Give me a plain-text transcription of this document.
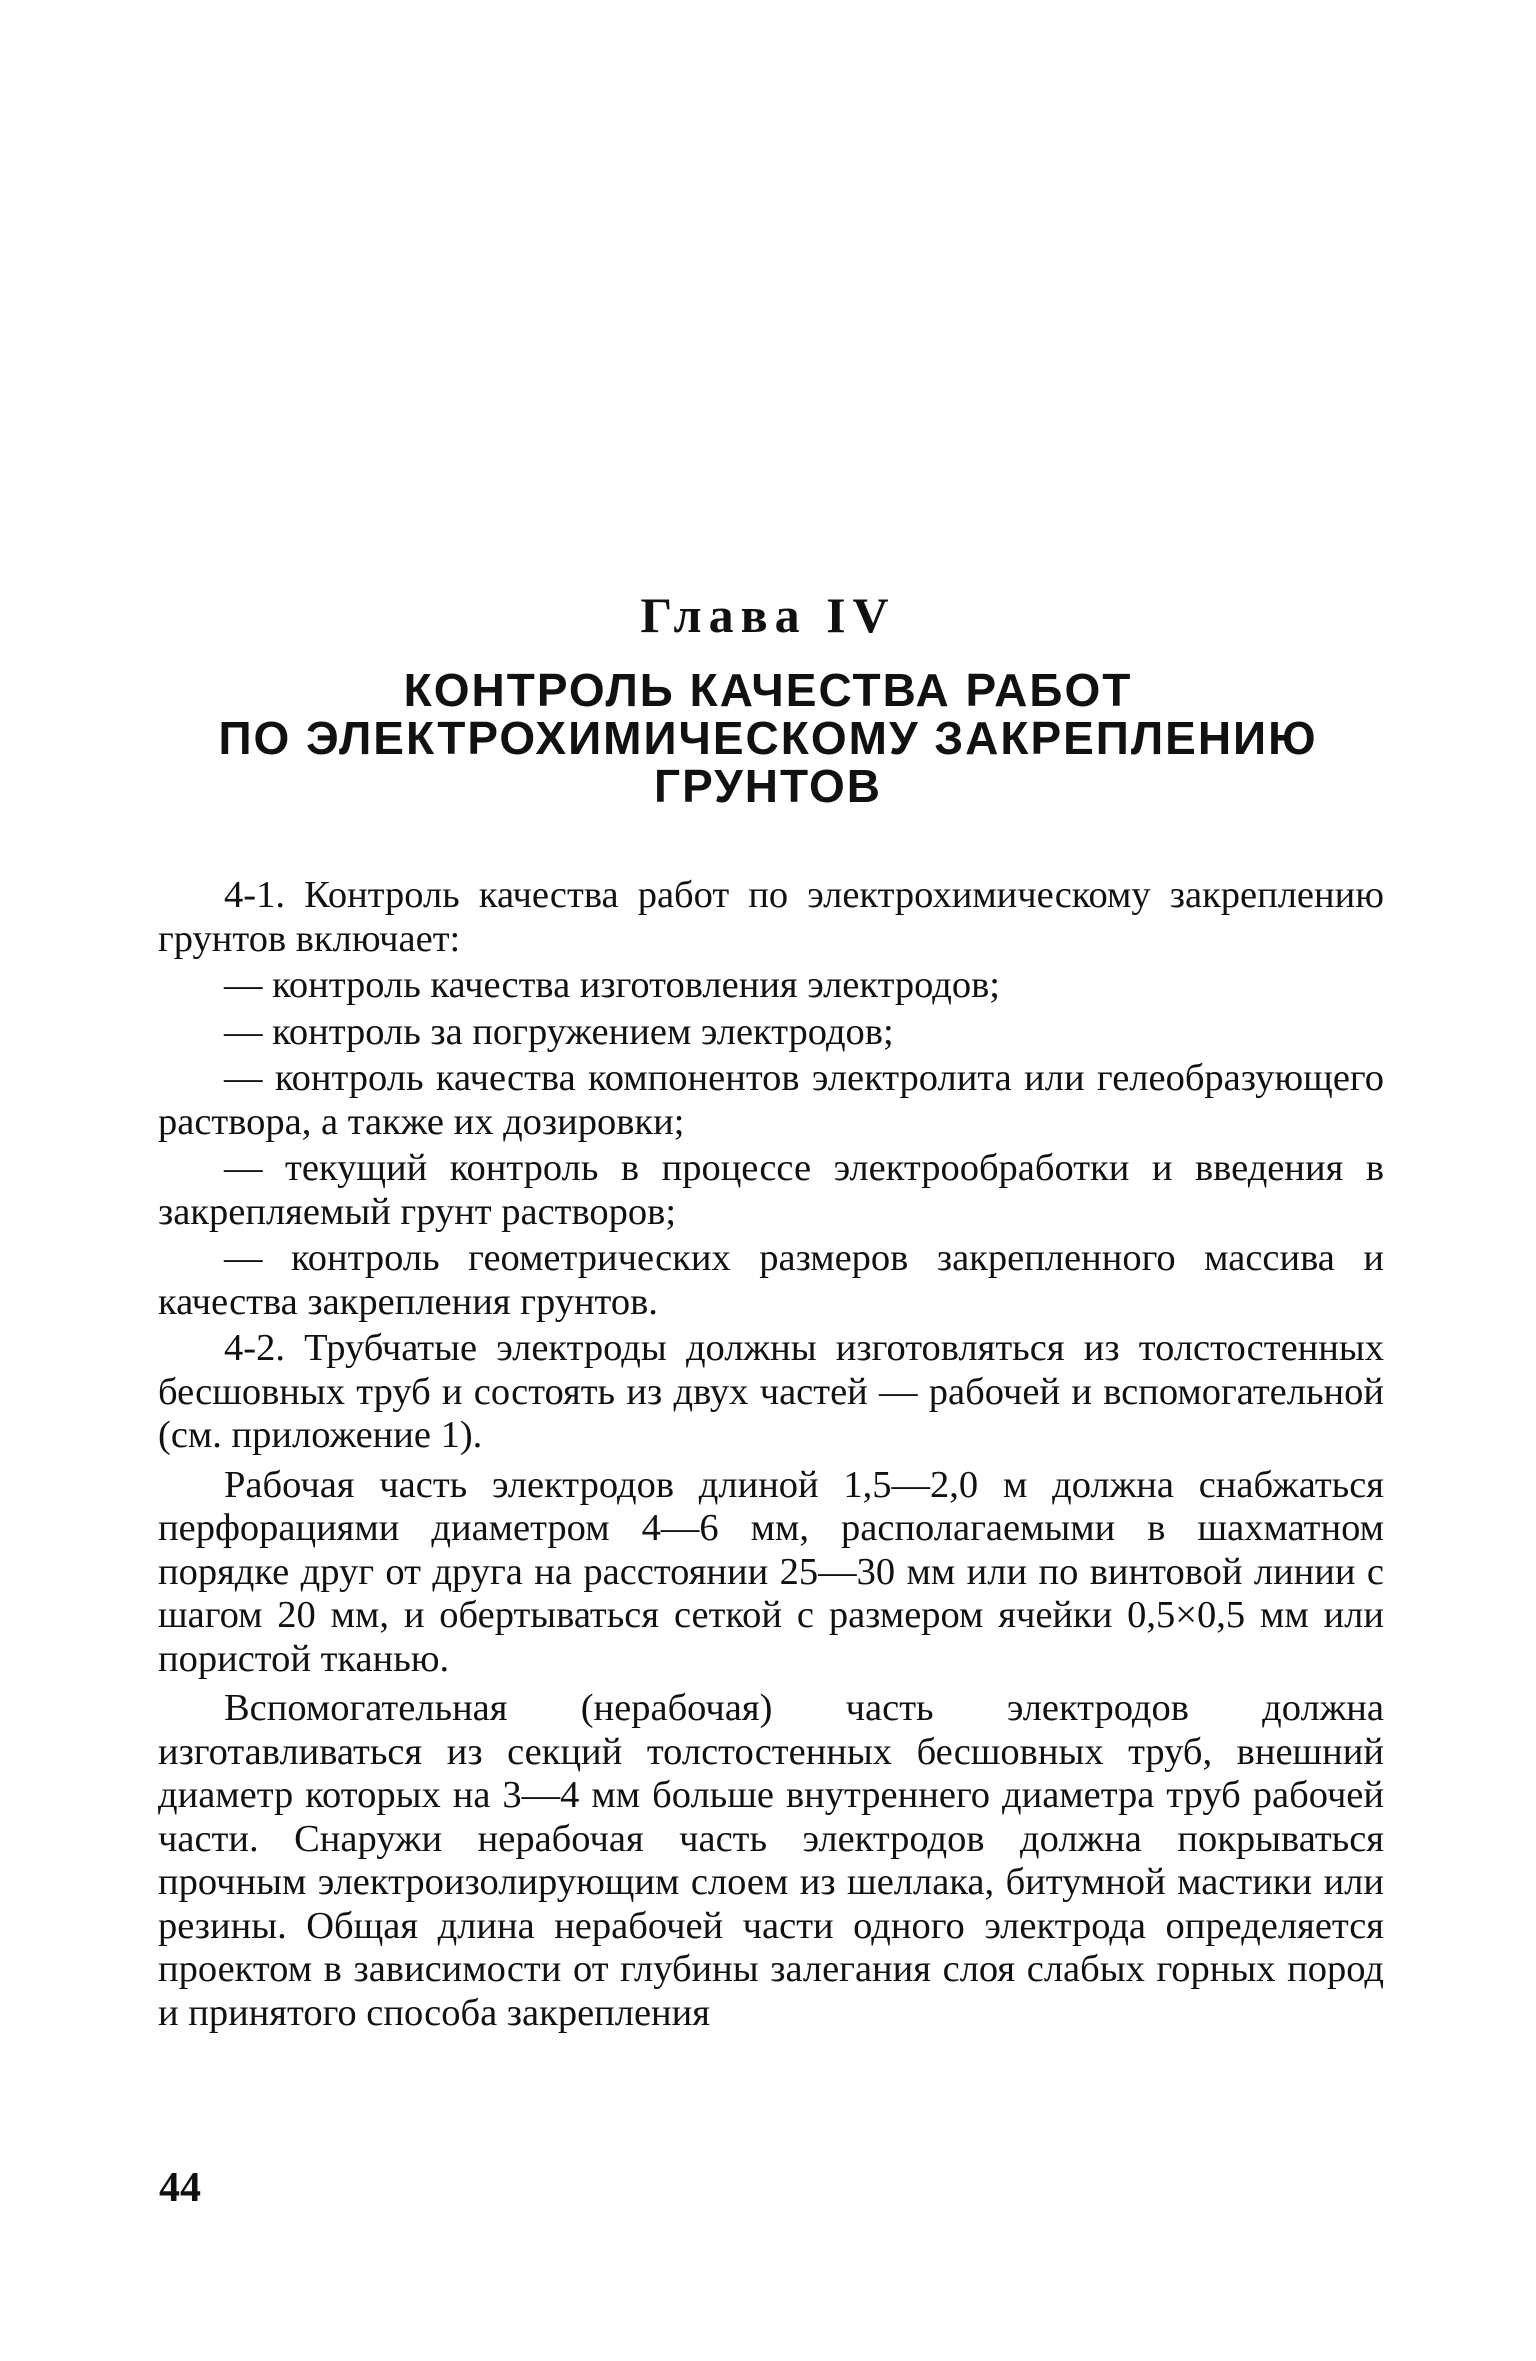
Глава IV
КОНТРОЛЬ КАЧЕСТВА РАБОТ
ПО ЭЛЕКТРОХИМИЧЕСКОМУ ЗАКРЕПЛЕНИЮ
ГРУНТОВ

4-1. Контроль качества работ по электрохимическому закреплению грунтов включает:

— контроль качества изготовления электродов;

— контроль за погружением электродов;

— контроль качества компонентов электролита или гелеобразующего раствора, а также их дозировки;

— текущий контроль в процессе электрообработки и введения в закрепляемый грунт растворов;

— контроль геометрических размеров закрепленного массива и качества закрепления грунтов.

4-2. Трубчатые электроды должны изготовляться из толстостенных бесшовных труб и состоять из двух частей — рабочей и вспомогательной (см. приложение 1).

Рабочая часть электродов длиной 1,5—2,0 м должна снабжаться перфорациями диаметром 4—6 мм, располагаемыми в шахматном порядке друг от друга на расстоянии 25—30 мм или по винтовой линии с шагом 20 мм, и обертываться сеткой с размером ячейки 0,5×0,5 мм или пористой тканью.

Вспомогательная (нерабочая) часть электродов должна изготавливаться из секций толстостенных бесшовных труб, внешний диаметр которых на 3—4 мм больше внутреннего диаметра труб рабочей части. Снаружи нерабочая часть электродов должна покрываться прочным электроизолирующим слоем из шеллака, битумной мастики или резины. Общая длина нерабочей части одного электрода определяется проектом в зависимости от глубины залегания слоя слабых горных пород и принятого способа закрепления

44
